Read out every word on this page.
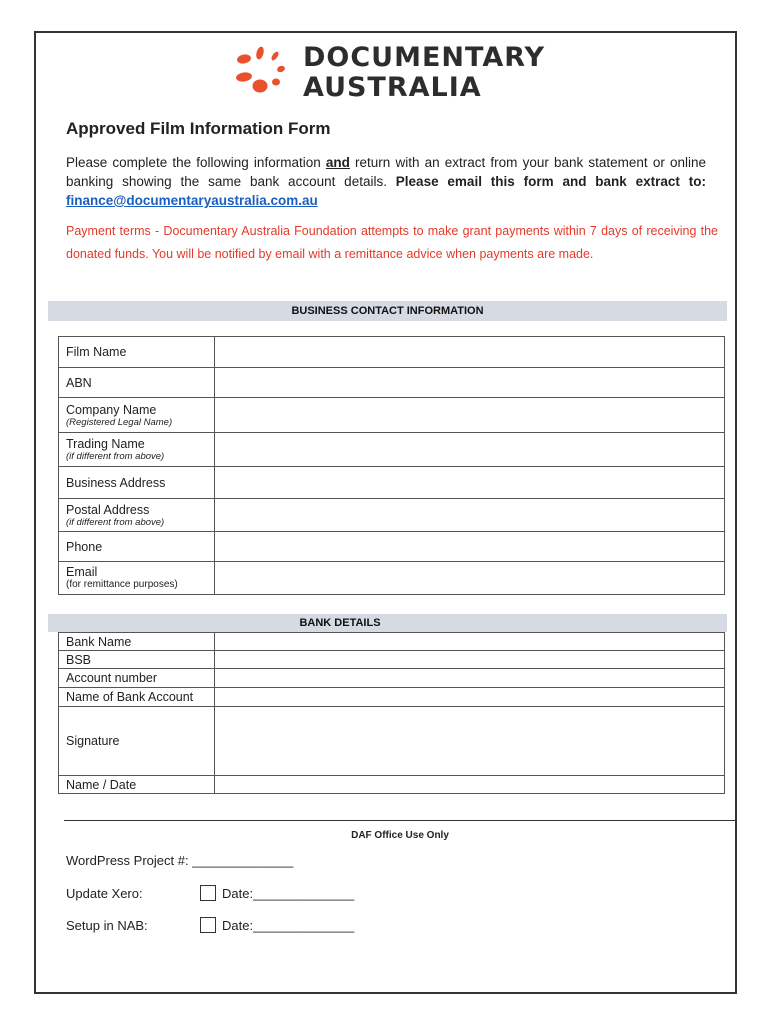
DOCUMENTARY
AUSTRALIA
Approved Film Information Form
Please complete the following information and return with an extract from your bank statement or online banking showing the same bank account details. Please email this form and bank extract to: finance@documentaryaustralia.com.au
Payment terms - Documentary Australia Foundation attempts to make grant payments within 7 days of receiving the donated funds. You will be notified by email with a remittance advice when payments are made.
BUSINESS CONTACT INFORMATION
Film Name	
ABN	
Company Name
(Registered Legal Name)	

Trading Name
(if different from above)	

Business Address	
Postal Address
(if different from above)	

Phone	
Email
(for remittance purposes)	

BANK DETAILS
Bank Name	
BSB	
Account number	
Name of Bank Account	
Signature	
Name / Date	
DAF Office Use Only
WordPress Project #: ______________
Update Xero:	Date:______________
Setup in NAB:	Date:______________
